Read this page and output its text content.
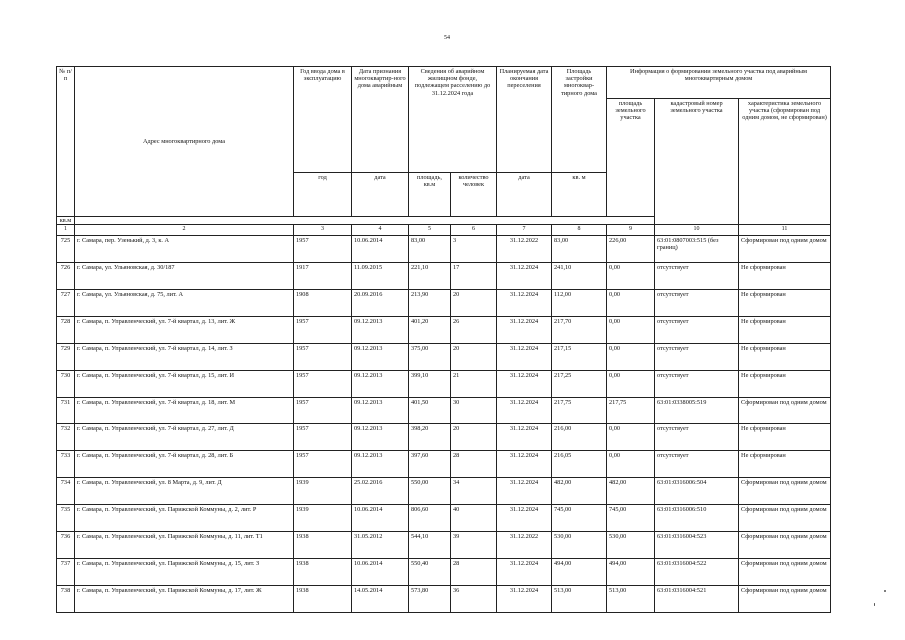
54
№ п/п	Адрес многоквартирного дома	Год ввода дома в эксплуатацию	Дата признания многоквартир-ного дома аварийным	Сведения об аварийном жилищном фонде, подлежащем расселению до 31.12.2024 года		Планируемая дата окончания переселения	Площадь застройки многоквар-тирного дома	Информация о формировании земельного участка под аварийным многоквартирным домом		
								площадь земельного участка	кадастровый номер земельного участка	характеристика земельного участка (сформирован под одним домом, не сформирован)
		год	дата	площадь, кв.м	количество человек	дата	кв. м			
кв.м										
1	2	3	4	5	6	7	8	9	10	11
725	г. Самара, пер. Узенький, д. 3, к. А	1957	10.06.2014	83,00	3	31.12.2022	83,00	226,00	63:01:0807003:515 (без границ)	Сформирован под одним домом
726	г. Самара, ул. Ульяновская, д. 30/187	1917	11.09.2015	221,10	17	31.12.2024	241,10	0,00	отсутствует	Не сформирован
727	г. Самара, ул. Ульяновская, д. 75, лит. А	1908	20.09.2016	213,90	20	31.12.2024	112,00	0,00	отсутствует	Не сформирован
728	г. Самара, п. Управленческий, ул. 7-й квартал, д. 13, лит. Ж	1957	09.12.2013	401,20	26	31.12.2024	217,70	0,00	отсутствует	Не сформирован
729	г. Самара, п. Управленческий, ул. 7-й квартал, д. 14, лит. З	1957	09.12.2013	375,00	20	31.12.2024	217,15	0,00	отсутствует	Не сформирован
730	г. Самара, п. Управленческий, ул. 7-й квартал, д. 15, лит. И	1957	09.12.2013	399,10	21	31.12.2024	217,25	0,00	отсутствует	Не сформирован
731	г. Самара, п. Управленческий, ул. 7-й квартал, д. 18, лит. М	1957	09.12.2013	401,50	30	31.12.2024	217,75	217,75	63:01:0338005:519	Сформирован под одним домом
732	г. Самара, п. Управленческий, ул. 7-й квартал, д. 27, лит. Д	1957	09.12.2013	398,20	20	31.12.2024	216,00	0,00	отсутствует	Не сформирован
733	г. Самара, п. Управленческий, ул. 7-й квартал, д. 28, лит. Б	1957	09.12.2013	397,60	28	31.12.2024	216,05	0,00	отсутствует	Не сформирован
734	г. Самара, п. Управленческий, ул. 8 Марта, д. 9, лит. Д	1939	25.02.2016	550,00	34	31.12.2024	482,00	482,00	63:01:0316006:504	Сформирован под одним домом
735	г. Самара, п. Управленческий, ул. Парижской Коммуны, д. 2, лит. Р	1939	10.06.2014	806,60	40	31.12.2024	745,00	745,00	63:01:0316006:510	Сформирован под одним домом
736	г. Самара, п. Управленческий, ул. Парижской Коммуны, д. 11, лит. Т1	1938	31.05.2012	544,10	39	31.12.2022	530,00	530,00	63:01:0316004:523	Сформирован под одним домом
737	г. Самара, п. Управленческий, ул. Парижской Коммуны, д. 15, лит. З	1938	10.06.2014	550,40	28	31.12.2024	494,00	494,00	63:01:0316004:522	Сформирован под одним домом
738	г. Самара, п. Управленческий, ул. Парижской Коммуны, д. 17, лит. Ж	1938	14.05.2014	573,80	36	31.12.2024	513,00	513,00	63:01:0316004:521	Сформирован под одним домом
